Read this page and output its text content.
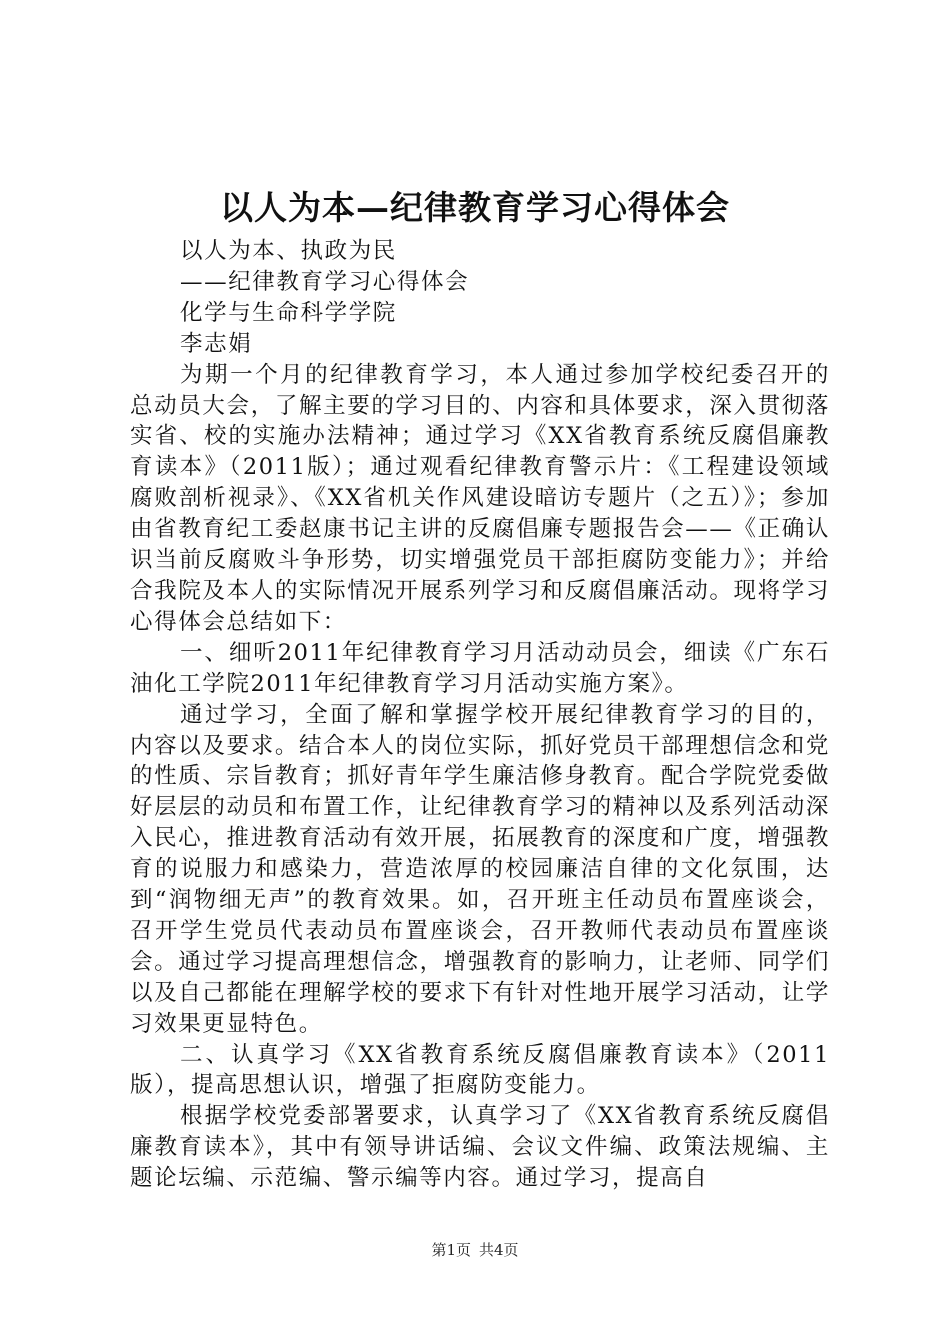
以人为本—纪律教育学习心得体会

以人为本、执政为民

——纪律教育学习心得体会

化学与生命科学学院

李志娟

为期一个月的纪律教育学习，本人通过参加学校纪委召开的总动员大会，了解主要的学习目的、内容和具体要求，深入贯彻落实省、校的实施办法精神；通过学习《XX省教育系统反腐倡廉教育读本》（2011版）；通过观看纪律教育警示片：《工程建设领域腐败剖析视录》、《XX省机关作风建设暗访专题片（之五）》；参加由省教育纪工委赵康书记主讲的反腐倡廉专题报告会——《正确认识当前反腐败斗争形势，切实增强党员干部拒腐防变能力》；并给合我院及本人的实际情况开展系列学习和反腐倡廉活动。现将学习心得体会总结如下：

一、细听2011年纪律教育学习月活动动员会，细读《广东石油化工学院2011年纪律教育学习月活动实施方案》。

通过学习，全面了解和掌握学校开展纪律教育学习的目的，内容以及要求。结合本人的岗位实际，抓好党员干部理想信念和党的性质、宗旨教育；抓好青年学生廉洁修身教育。配合学院党委做好层层的动员和布置工作，让纪律教育学习的精神以及系列活动深入民心，推进教育活动有效开展，拓展教育的深度和广度，增强教育的说服力和感染力，营造浓厚的校园廉洁自律的文化氛围，达到“润物细无声”的教育效果。如，召开班主任动员布置座谈会，召开学生党员代表动员布置座谈会，召开教师代表动员布置座谈会。通过学习提高理想信念，增强教育的影响力，让老师、同学们以及自己都能在理解学校的要求下有针对性地开展学习活动，让学习效果更显特色。

二、认真学习《XX省教育系统反腐倡廉教育读本》（2011版），提高思想认识，增强了拒腐防变能力。

根据学校党委部署要求，认真学习了《XX省教育系统反腐倡廉教育读本》，其中有领导讲话编、会议文件编、政策法规编、主题论坛编、示范编、警示编等内容。通过学习，提高自

第1页 共4页
